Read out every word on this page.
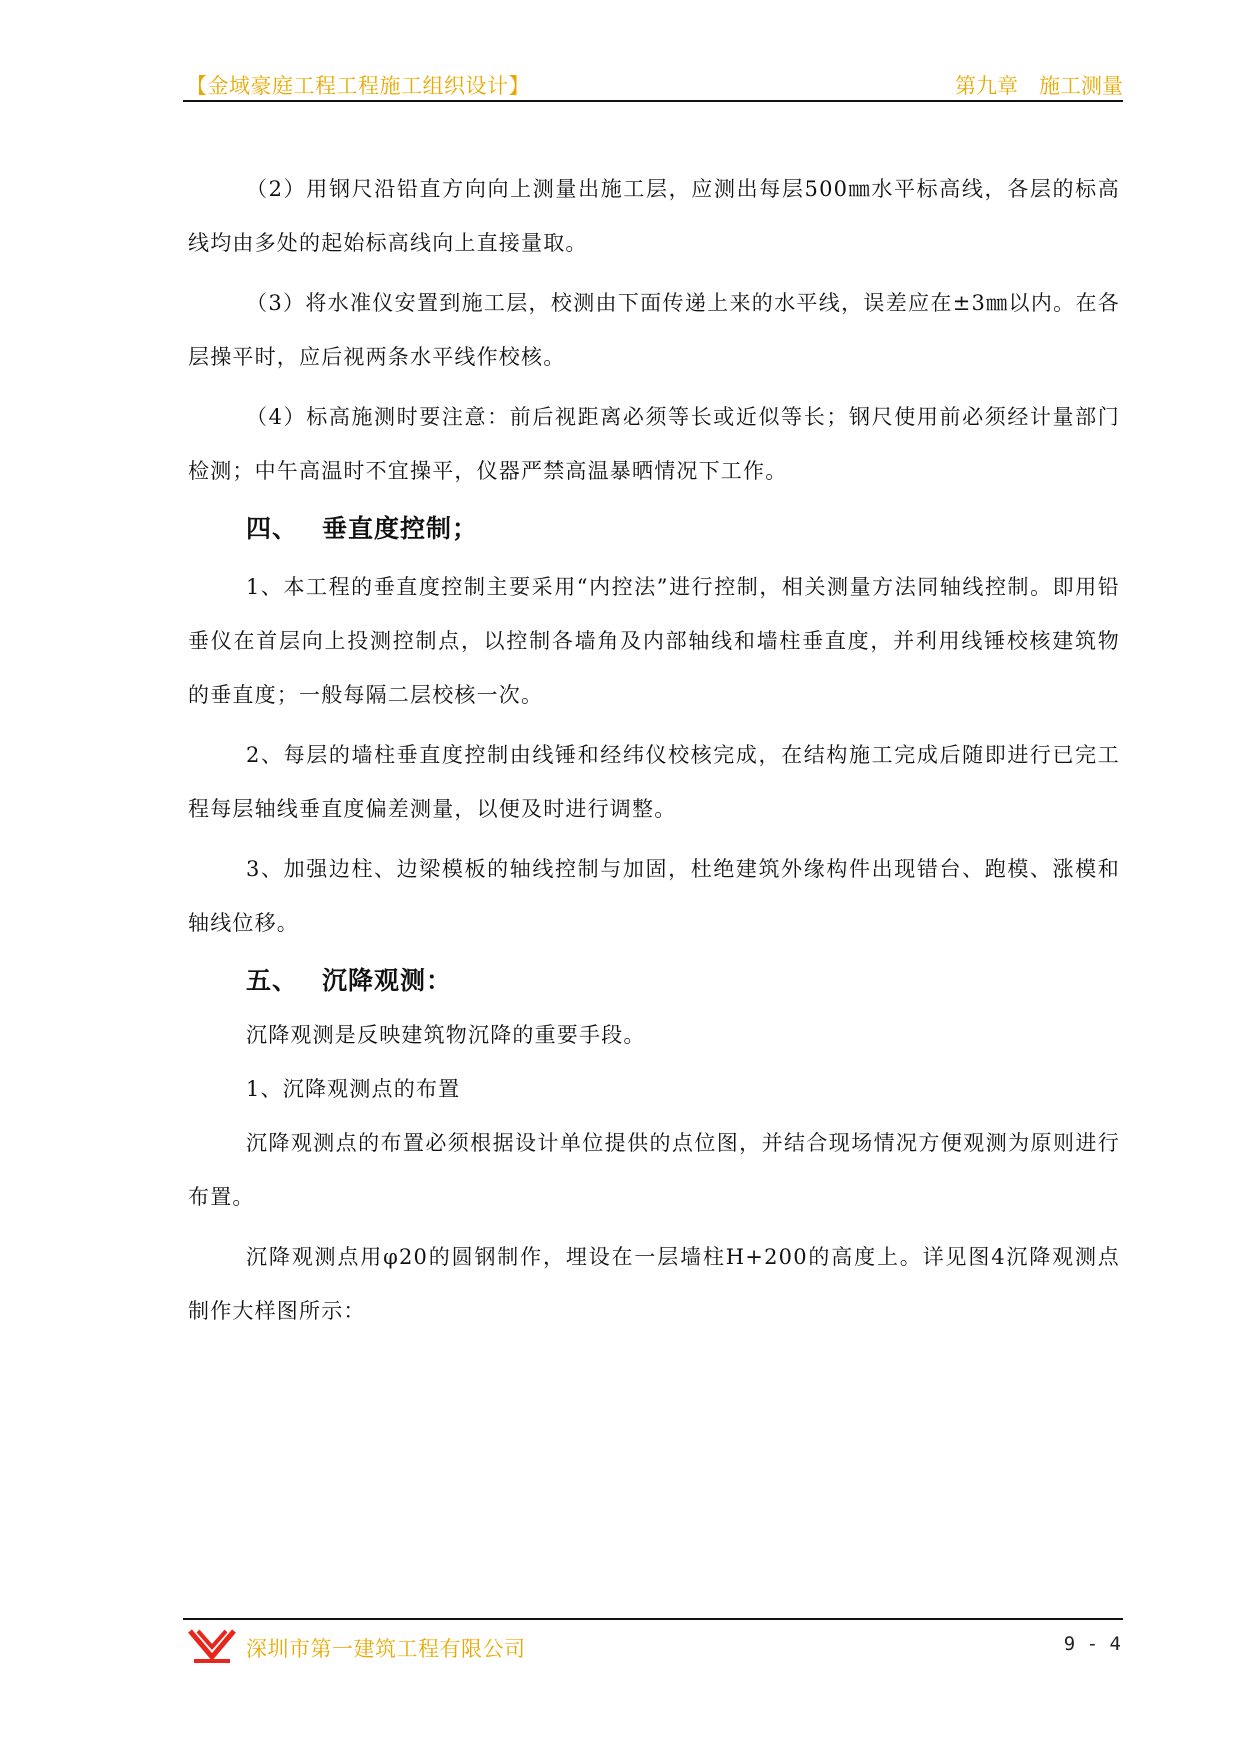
【金域豪庭工程工程施工组织设计】	第九章　施工测量

（2）用钢尺沿铅直方向向上测量出施工层，应测出每层500㎜水平标高线，各层的标高线均由多处的起始标高线向上直接量取。

（3）将水准仪安置到施工层，校测由下面传递上来的水平线，误差应在±3㎜以内。在各层操平时，应后视两条水平线作校核。

（4）标高施测时要注意：前后视距离必须等长或近似等长；钢尺使用前必须经计量部门检测；中午高温时不宜操平，仪器严禁高温暴晒情况下工作。

四、 垂直度控制；

1、本工程的垂直度控制主要采用“内控法”进行控制，相关测量方法同轴线控制。即用铅垂仪在首层向上投测控制点，以控制各墙角及内部轴线和墙柱垂直度，并利用线锤校核建筑物的垂直度；一般每隔二层校核一次。

2、每层的墙柱垂直度控制由线锤和经纬仪校核完成，在结构施工完成后随即进行已完工程每层轴线垂直度偏差测量，以便及时进行调整。

3、加强边柱、边梁模板的轴线控制与加固，杜绝建筑外缘构件出现错台、跑模、涨模和轴线位移。

五、 沉降观测：

沉降观测是反映建筑物沉降的重要手段。

1、沉降观测点的布置

沉降观测点的布置必须根据设计单位提供的点位图，并结合现场情况方便观测为原则进行布置。

沉降观测点用φ20的圆钢制作，埋设在一层墙柱H+200的高度上。详见图4沉降观测点制作大样图所示：

深圳市第一建筑工程有限公司	9 - 4
